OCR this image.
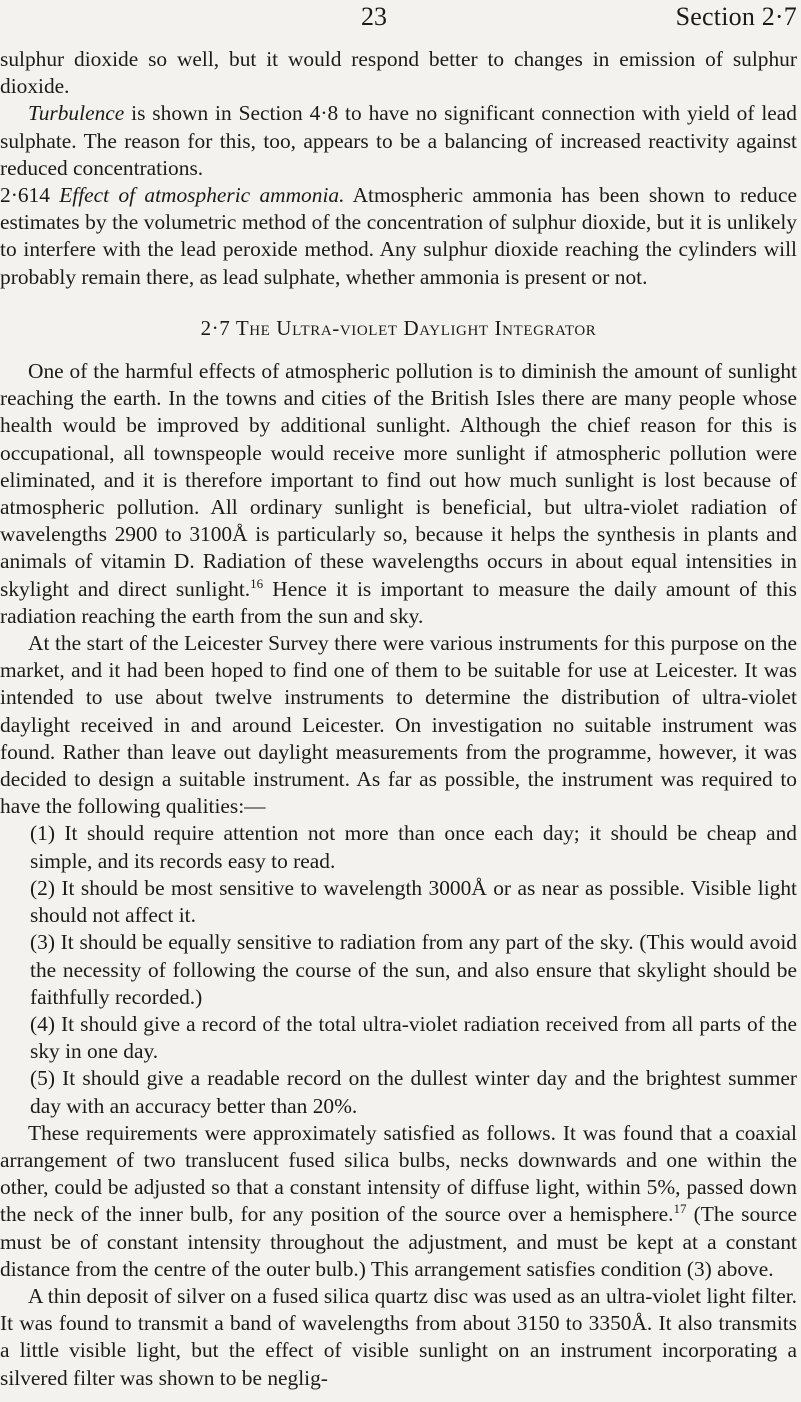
23	Section 2·7

sulphur dioxide so well, but it would respond better to changes in emission of sulphur dioxide.

Turbulence is shown in Section 4·8 to have no significant connection with yield of lead sulphate. The reason for this, too, appears to be a balancing of increased reactivity against reduced concentrations.

2·614 Effect of atmospheric ammonia. Atmospheric ammonia has been shown to reduce estimates by the volumetric method of the concentration of sulphur dioxide, but it is unlikely to interfere with the lead peroxide method. Any sulphur dioxide reaching the cylinders will probably remain there, as lead sulphate, whether ammonia is present or not.

2·7 The Ultra-violet Daylight Integrator

One of the harmful effects of atmospheric pollution is to diminish the amount of sunlight reaching the earth. In the towns and cities of the British Isles there are many people whose health would be improved by additional sunlight. Although the chief reason for this is occupational, all townspeople would receive more sunlight if atmospheric pollution were eliminated, and it is therefore important to find out how much sunlight is lost because of atmospheric pollution. All ordinary sunlight is beneficial, but ultra-violet radiation of wavelengths 2900 to 3100Å is particularly so, because it helps the synthesis in plants and animals of vitamin D. Radiation of these wavelengths occurs in about equal intensities in skylight and direct sunlight.$^{16}$ Hence it is important to measure the daily amount of this radiation reaching the earth from the sun and sky.

At the start of the Leicester Survey there were various instruments for this purpose on the market, and it had been hoped to find one of them to be suitable for use at Leicester. It was intended to use about twelve instruments to determine the distribution of ultra-violet daylight received in and around Leicester. On investigation no suitable instrument was found. Rather than leave out daylight measurements from the programme, however, it was decided to design a suitable instrument. As far as possible, the instrument was required to have the following qualities:—

(1) It should require attention not more than once each day; it should be cheap and simple, and its records easy to read.

(2) It should be most sensitive to wavelength 3000Å or as near as possible. Visible light should not affect it.

(3) It should be equally sensitive to radiation from any part of the sky. (This would avoid the necessity of following the course of the sun, and also ensure that skylight should be faithfully recorded.)

(4) It should give a record of the total ultra-violet radiation received from all parts of the sky in one day.

(5) It should give a readable record on the dullest winter day and the brightest summer day with an accuracy better than 20%.

These requirements were approximately satisfied as follows. It was found that a coaxial arrangement of two translucent fused silica bulbs, necks downwards and one within the other, could be adjusted so that a constant intensity of diffuse light, within 5%, passed down the neck of the inner bulb, for any position of the source over a hemisphere.$^{17}$ (The source must be of constant intensity throughout the adjustment, and must be kept at a constant distance from the centre of the outer bulb.) This arrangement satisfies condition (3) above.

A thin deposit of silver on a fused silica quartz disc was used as an ultra-violet light filter. It was found to transmit a band of wavelengths from about 3150 to 3350Å. It also transmits a little visible light, but the effect of visible sunlight on an instrument incorporating a silvered filter was shown to be neglig-
